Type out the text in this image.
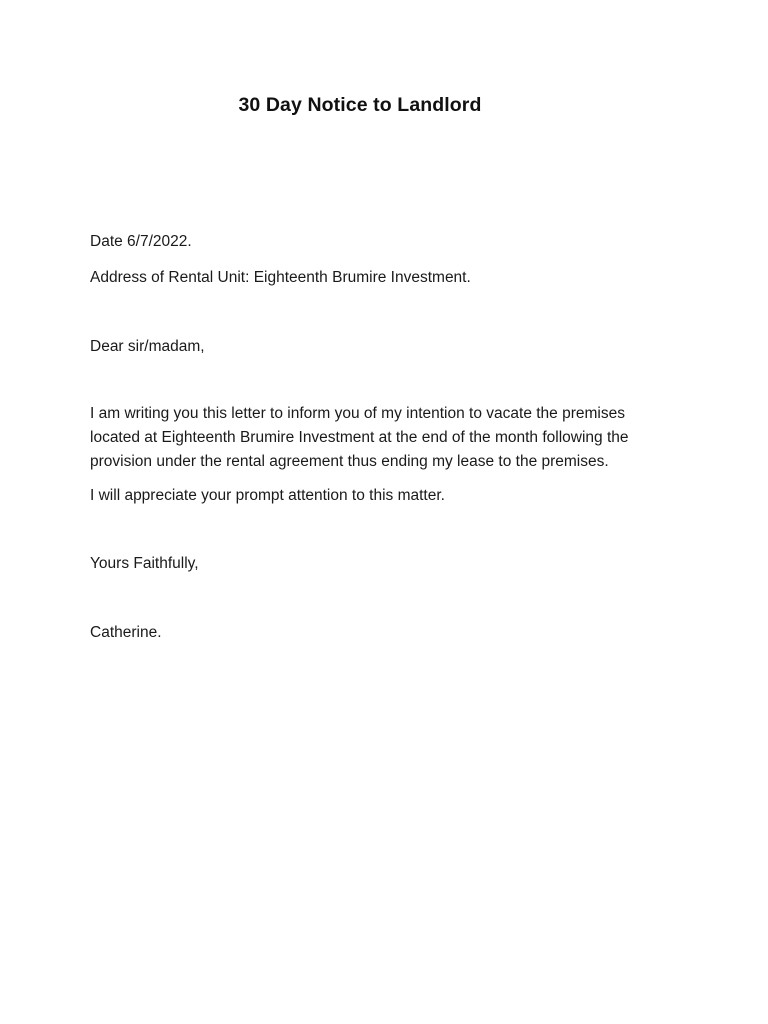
30 Day Notice to Landlord
Date 6/7/2022.
Address of Rental Unit: Eighteenth Brumire Investment.
Dear sir/madam,
I am writing you this letter to inform you of my intention to vacate the premises
located at Eighteenth Brumire Investment at the end of the month following the
provision under the rental agreement thus ending my lease to the premises.
I will appreciate your prompt attention to this matter.
Yours Faithfully,
Catherine.
